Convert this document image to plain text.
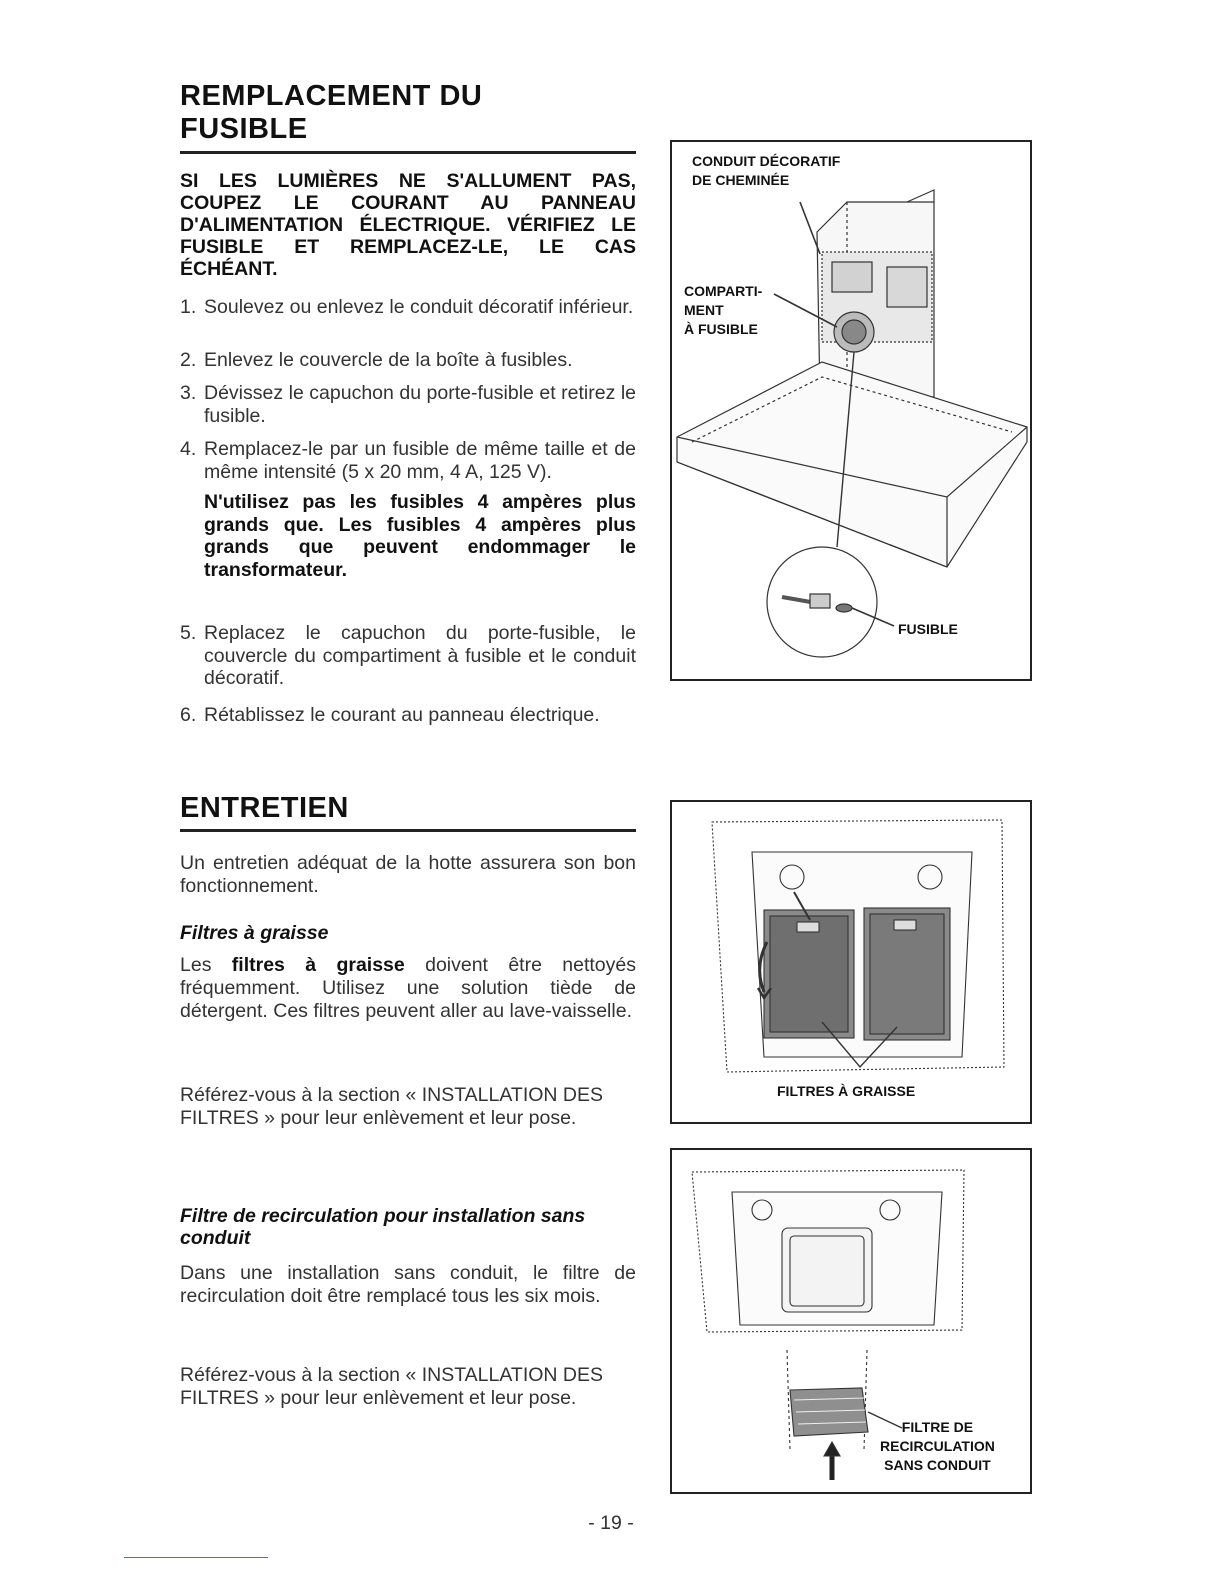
REMPLACEMENT DU
FUSIBLE
SI LES LUMIÈRES NE S'ALLUMENT PAS, COUPEZ LE COURANT AU PANNEAU D'ALIMENTATION ÉLECTRIQUE. VÉRIFIEZ LE FUSIBLE ET REMPLACEZ-LE, LE CAS ÉCHÉANT.
1. Soulevez ou enlevez le conduit décoratif inférieur.
2. Enlevez le couvercle de la boîte à fusibles.
3. Dévissez le capuchon du porte-fusible et retirez le fusible.
4. Remplacez-le par un fusible de même taille et de même intensité (5 x 20 mm, 4 A, 125 V).
N'utilisez pas les fusibles 4 ampères plus grands que. Les fusibles 4 ampères plus grands que peuvent endommager le transformateur.
5. Replacez le capuchon du porte-fusible, le couvercle du compartiment à fusible et le conduit décoratif.
6. Rétablissez le courant au panneau électrique.
ENTRETIEN
Un entretien adéquat de la hotte assurera son bon fonctionnement.
Filtres à graisse
Les filtres à graisse doivent être nettoyés fréquemment. Utilisez une solution tiède de détergent. Ces filtres peuvent aller au lave-vaisselle.
Référez-vous à la section « INSTALLATION DES FILTRES » pour leur enlèvement et leur pose.
Filtre de recirculation pour installation sans conduit
Dans une installation sans conduit, le filtre de recirculation doit être remplacé tous les six mois.
Référez-vous à la section « INSTALLATION DES FILTRES » pour leur enlèvement et leur pose.
CONDUIT DÉCORATIF
DE CHEMINÉE
COMPARTI-
MENT
À FUSIBLE
FUSIBLE
FILTRES À GRAISSE
FILTRE DE
RECIRCULATION
SANS CONDUIT
- 19 -
